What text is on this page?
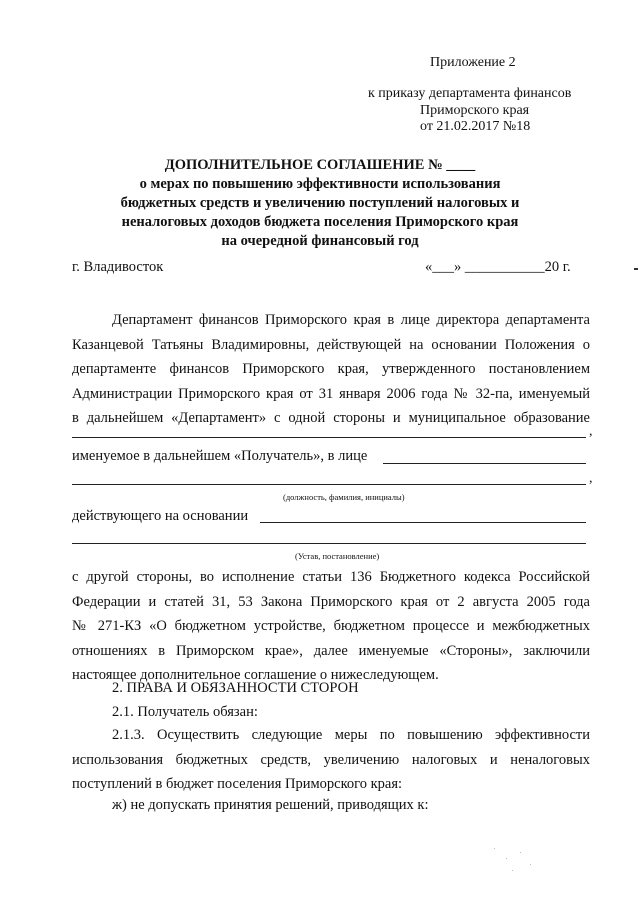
Приложение 2
к приказу департамента финансов
Приморского края
от 21.02.2017 №18
ДОПОЛНИТЕЛЬНОЕ СОГЛАШЕНИЕ № ____
о мерах по повышению эффективности использования
бюджетных средств и увеличению поступлений налоговых и
неналоговых доходов бюджета поселения Приморского края
на очередной финансовый год
г. Владивосток	«___» ___________20 г.
Департамент финансов Приморского края в лице директора департамента
Казанцевой Татьяны Владимировны, действующей на основании Положения о
департаменте финансов Приморского края, утвержденного постановлением
Администрации Приморского края от 31 января 2006 года № 32-па, именуемый
в дальнейшем «Департамент» с одной стороны и муниципальное образование
,
именуемое в дальнейшем «Получатель», в лице
,
(должность, фамилия, инициалы)
действующего на основании
(Устав, постановление)
с другой стороны, во исполнение статьи 136 Бюджетного кодекса Российской
Федерации и статей 31, 53 Закона Приморского края от 2 августа 2005 года
№ 271-КЗ «О бюджетном устройстве, бюджетном процессе и межбюджетных
отношениях в Приморском крае», далее именуемые «Стороны», заключили
настоящее дополнительное соглашение о нижеследующем.
2. ПРАВА И ОБЯЗАННОСТИ СТОРОН
2.1. Получатель обязан:
2.1.3. Осуществить следующие меры по повышению эффективности
использования бюджетных средств, увеличению налоговых и неналоговых
поступлений в бюджет поселения Приморского края:
ж) не допускать принятия решений, приводящих к:
